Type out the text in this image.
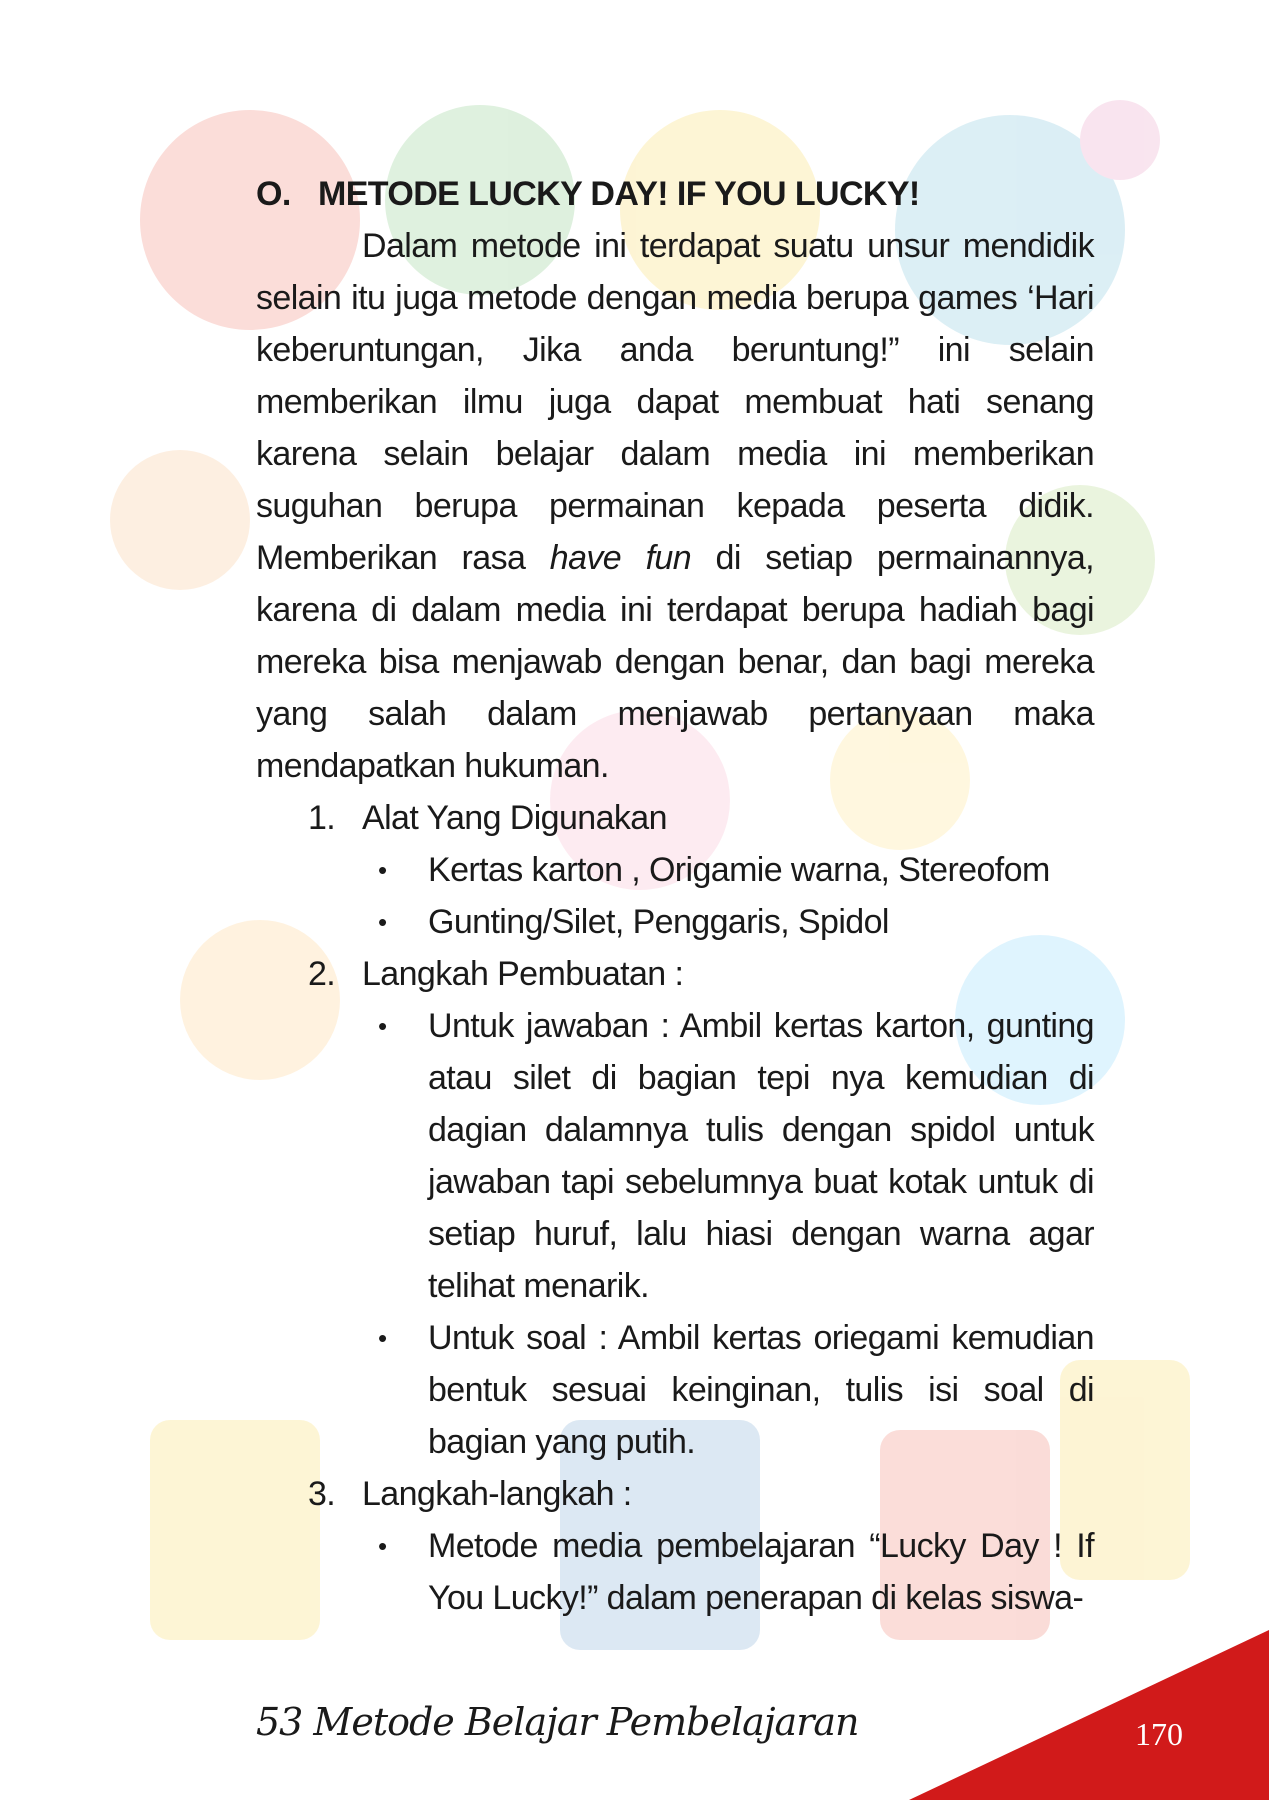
O. METODE LUCKY DAY! IF YOU LUCKY!

Dalam metode ini terdapat suatu unsur mendidik selain itu juga metode dengan media berupa games ‘Hari keberuntungan, Jika anda beruntung!” ini selain memberikan ilmu juga dapat membuat hati senang karena selain belajar dalam media ini memberikan suguhan berupa permainan kepada peserta didik. Memberikan rasa have fun di setiap permainannya, karena di dalam media ini terdapat berupa hadiah bagi mereka bisa menjawab dengan benar, dan bagi mereka yang salah dalam menjawab pertanyaan maka mendapatkan hukuman.

1. Alat Yang Digunakan
• Kertas karton , Origamie warna, Stereofom
• Gunting/Silet, Penggaris, Spidol
2. Langkah Pembuatan :
• Untuk jawaban : Ambil kertas karton, gunting atau silet di bagian tepi nya kemudian di dagian dalamnya tulis dengan spidol untuk jawaban tapi sebelumnya buat kotak untuk di setiap huruf, lalu hiasi dengan warna agar telihat menarik.
• Untuk soal : Ambil kertas oriegami kemudian bentuk sesuai keinginan, tulis isi soal di bagian yang putih.
3. Langkah-langkah :
• Metode media pembelajaran “Lucky Day ! If You Lucky!” dalam penerapan di kelas siswa-
53 Metode Belajar Pembelajaran	170
